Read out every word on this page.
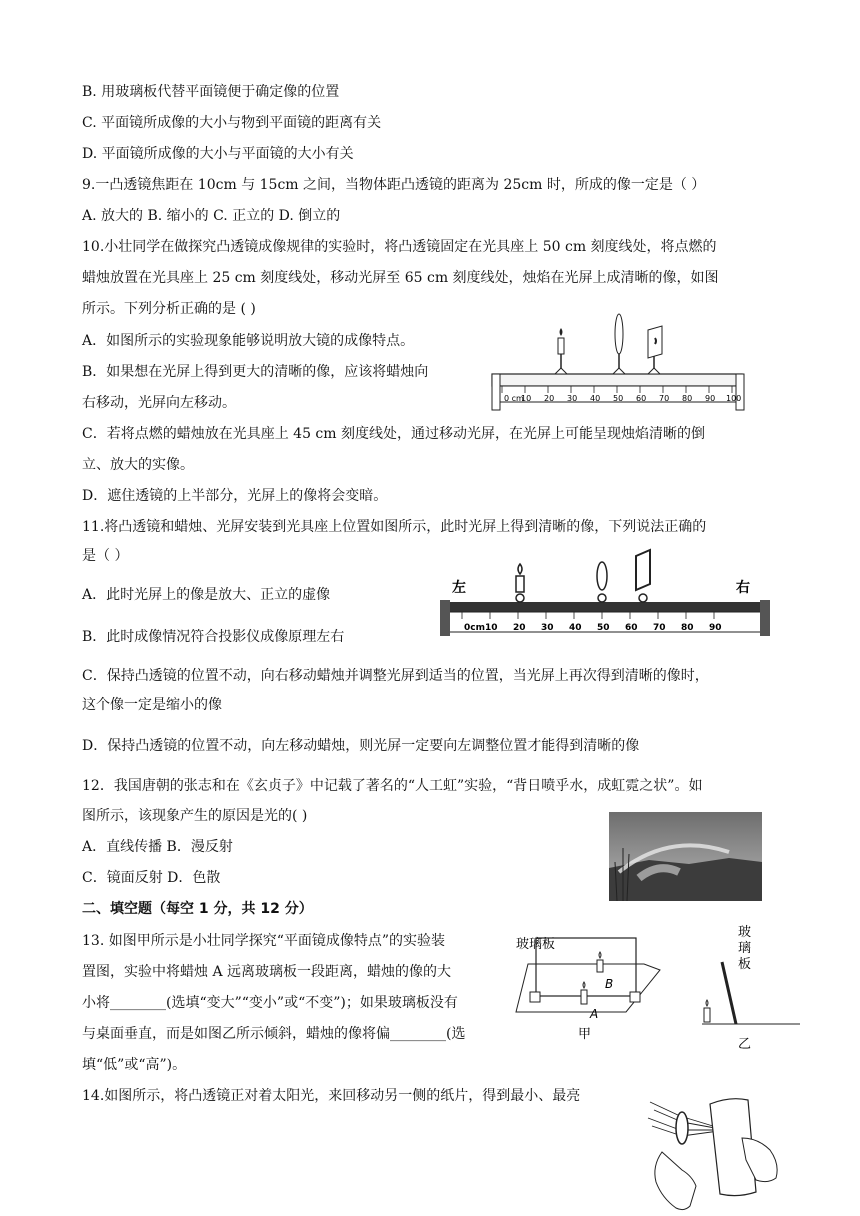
B. 用玻璃板代替平面镜便于确定像的位置
C. 平面镜所成像的大小与物到平面镜的距离有关
D. 平面镜所成像的大小与平面镜的大小有关
9.一凸透镜焦距在 10cm 与 15cm 之间，当物体距凸透镜的距离为 25cm 时，所成的像一定是（ ）
A. 放大的 B. 缩小的 C. 正立的 D. 倒立的
10.小壮同学在做探究凸透镜成像规律的实验时，将凸透镜固定在光具座上 50 cm 刻度线处，将点燃的
蜡烛放置在光具座上 25 cm 刻度线处，移动光屏至 65 cm 刻度线处，烛焰在光屏上成清晰的像，如图
所示。下列分析正确的是 ( )
A．如图所示的实验现象能够说明放大镜的成像特点。
B．如果想在光屏上得到更大的清晰的像，应该将蜡烛向
右移动，光屏向左移动。
C．若将点燃的蜡烛放在光具座上 45 cm 刻度线处，通过移动光屏，在光屏上可能呈现烛焰清晰的倒
立、放大的实像。
D．遮住透镜的上半部分，光屏上的像将会变暗。
11.将凸透镜和蜡烛、光屏安装到光具座上位置如图所示，此时光屏上得到清晰的像，下列说法正确的
是（ ）
A．此时光屏上的像是放大、正立的虚像
B．此时成像情况符合投影仪成像原理左右
C．保持凸透镜的位置不动，向右移动蜡烛并调整光屏到适当的位置，当光屏上再次得到清晰的像时，
这个像一定是缩小的像
D．保持凸透镜的位置不动，向左移动蜡烛，则光屏一定要向左调整位置才能得到清晰的像
12．我国唐朝的张志和在《玄贞子》中记载了著名的“人工虹”实验，“背日喷乎水，成虹霓之状”。如
图所示，该现象产生的原因是光的( )
A．直线传播 B．漫反射
C．镜面反射 D．色散
二、填空题（每空 1 分，共 12 分）
13. 如图甲所示是小壮同学探究“平面镜成像特点”的实验装
置图，实验中将蜡烛 A 远离玻璃板一段距离，蜡烛的像的大
小将________(选填“变大”“变小”或“不变”)；如果玻璃板没有
与桌面垂直，而是如图乙所示倾斜，蜡烛的像将偏________(选
填“低”或“高”)。
14.如图所示，将凸透镜正对着太阳光，来回移动另一侧的纸片，得到最小、最亮
0 cm
10 20 30 40 50 60 70 80 90 100
左	右
0cm 10 20 30 40 50 60 70 80 90
玻璃板
B
A
甲
玻
璃
板
乙
